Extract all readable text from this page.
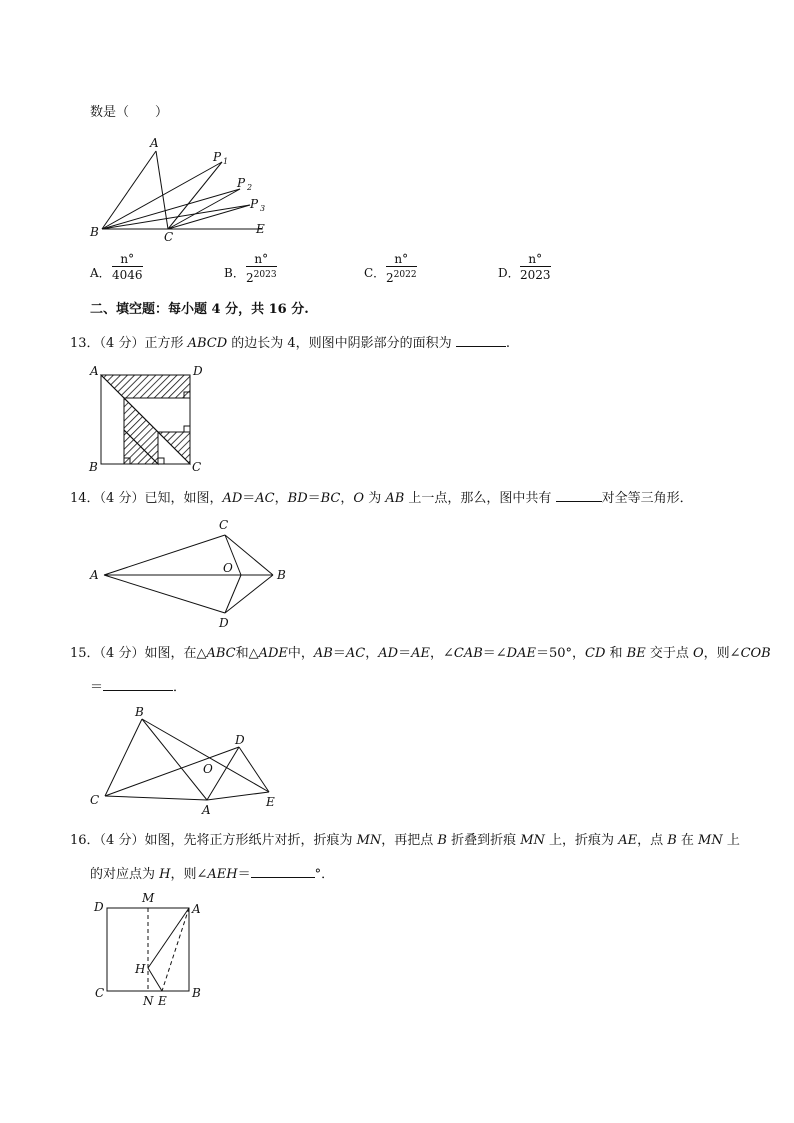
数是（　　）
A
B	C
E
P 1
P 2
P 3
A． $\frac{n^\circ}{4046}$	B． $\frac{n^\circ}{2^{2023}}$	C． $\frac{n^\circ}{2^{2022}}$	D． $\frac{n^\circ}{2023}$
二、填空题：每小题 4 分，共 16 分.
13．（4 分）正方形 ABCD 的边长为 4，则图中阴影部分的面积为	.
A	D
B	C
14．（4 分）已知，如图，AD＝AC，BD＝BC，O 为 AB 上一点，那么，图中共有	对全等三角形．
A	B
C
D
O
15．（4 分）如图，在△ABC和△ADE中，AB＝AC，AD＝AE，∠CAB＝∠DAE＝50°，CD 和 BE 交于点 O，则∠COB
＝	．
B
C
A
D
E
O
16．（4 分）如图，先将正方形纸片对折，折痕为 MN，再把点 B 折叠到折痕 MN 上，折痕为 AE，点 B 在 MN 上
的对应点为 H，则∠AEH＝	°．
D
M
A
H
C
N E
B
